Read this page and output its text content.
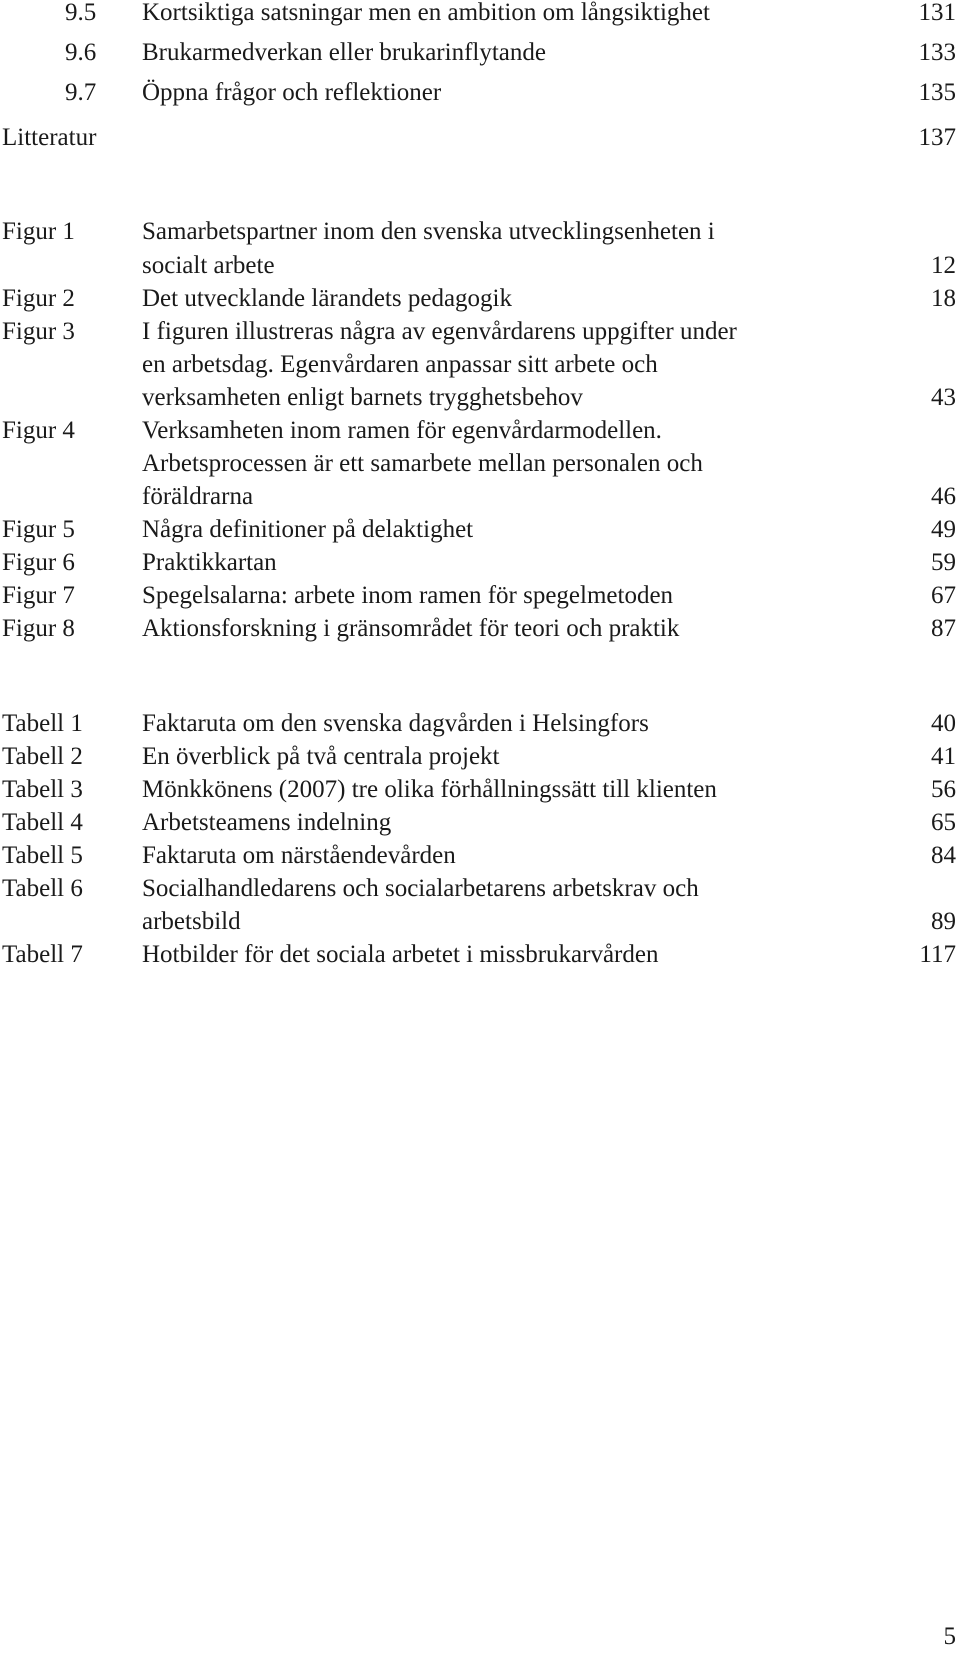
9.5 Kortsiktiga satsningar men en ambition om långsiktighet	131
9.6 Brukarmedverkan eller brukarinflytande	133
9.7 Öppna frågor och reflektioner	135
Litteratur	137
Figur 1	Samarbetspartner inom den svenska utvecklingsenheten i
socialt arbete	12
Figur 2	Det utvecklande lärandets pedagogik	18
Figur 3	I figuren illustreras några av egenvårdarens uppgifter under
en arbetsdag. Egenvårdaren anpassar sitt arbete och
verksamheten enligt barnets trygghetsbehov	43
Figur 4	Verksamheten inom ramen för egenvårdarmodellen.
Arbetsprocessen är ett samarbete mellan personalen och
föräldrarna	46
Figur 5	Några definitioner på delaktighet	49
Figur 6	Praktikkartan	59
Figur 7	Spegelsalarna: arbete inom ramen för spegelmetoden	67
Figur 8	Aktionsforskning i gränsområdet för teori och praktik	87
Tabell 1 Faktaruta om den svenska dagvården i Helsingfors	40
Tabell 2 En överblick på två centrala projekt	41
Tabell 3 Mönkkönens (2007) tre olika förhållningssätt till klienten	56
Tabell 4 Arbetsteamens indelning	65
Tabell 5 Faktaruta om närståendevården	84
Tabell 6 Socialhandledarens och socialarbetarens arbetskrav och
arbetsbild	89
Tabell 7 Hotbilder för det sociala arbetet i missbrukarvården	117
5
